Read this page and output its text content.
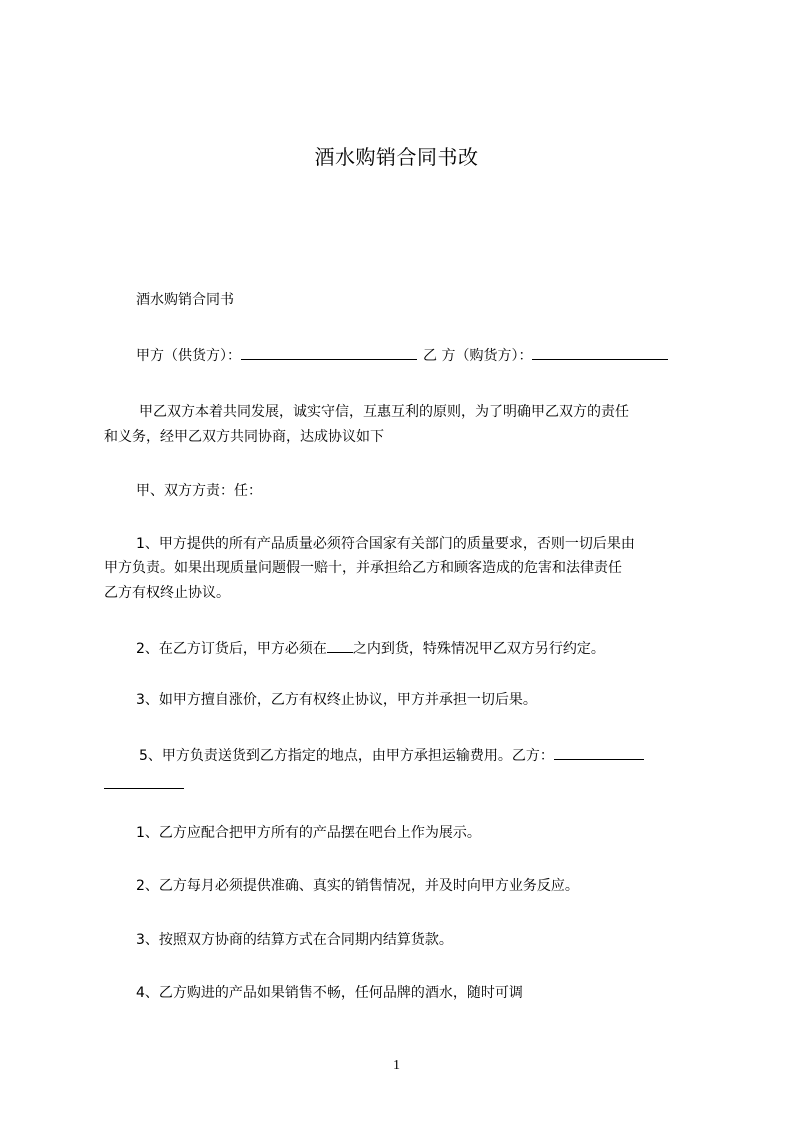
酒水购销合同书改
酒水购销合同书
甲方（供货方）：	乙 方（购货方）：
甲乙双方本着共同发展，诚实守信，互惠互利的原则，为了明确甲乙双方的责任
和义务，经甲乙双方共同协商，达成协议如下
甲、双方方责：任：
1、甲方提供的所有产品质量必须符合国家有关部门的质量要求，否则一切后果由
甲方负责。如果出现质量问题假一赔十，并承担给乙方和顾客造成的危害和法律责任
乙方有权终止协议。
2、在乙方订货后，甲方必须在 之内到货，特殊情况甲乙双方另行约定。
3、如甲方擅自涨价，乙方有权终止协议，甲方并承担一切后果。
5、甲方负责送货到乙方指定的地点，由甲方承担运输费用。乙方：
1、乙方应配合把甲方所有的产品摆在吧台上作为展示。
2、乙方每月必须提供准确、真实的销售情况，并及时向甲方业务反应。
3、按照双方协商的结算方式在合同期内结算货款。
4、乙方购进的产品如果销售不畅，任何品牌的酒水，随时可调
1
